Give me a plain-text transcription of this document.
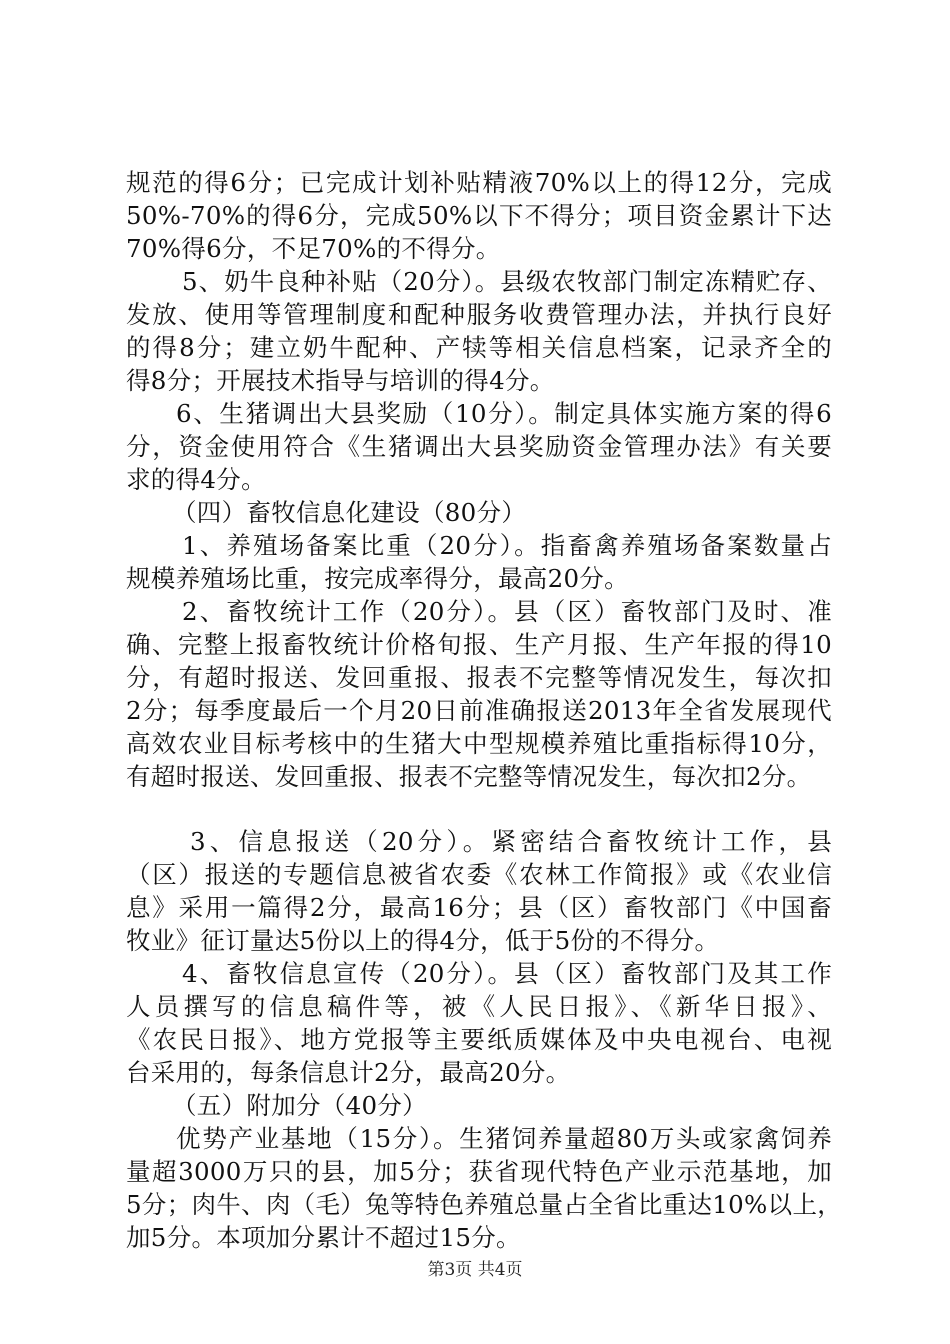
规范的得6分；已完成计划补贴精液70%以上的得12分，完成
50%-70%的得6分，完成50%以下不得分；项目资金累计下达
70%得6分，不足70%的不得分。
5、奶牛良种补贴（20分）。县级农牧部门制定冻精贮存、
发放、使用等管理制度和配种服务收费管理办法，并执行良好
的得8分；建立奶牛配种、产犊等相关信息档案，记录齐全的
得8分；开展技术指导与培训的得4分。
6、生猪调出大县奖励（10分）。制定具体实施方案的得6
分，资金使用符合《生猪调出大县奖励资金管理办法》有关要
求的得4分。
（四）畜牧信息化建设（80分）
1、养殖场备案比重（20分）。指畜禽养殖场备案数量占
规模养殖场比重，按完成率得分，最高20分。
2、畜牧统计工作（20分）。县（区）畜牧部门及时、准
确、完整上报畜牧统计价格旬报、生产月报、生产年报的得10
分，有超时报送、发回重报、报表不完整等情况发生，每次扣
2分；每季度最后一个月20日前准确报送2013年全省发展现代
高效农业目标考核中的生猪大中型规模养殖比重指标得10分，
有超时报送、发回重报、报表不完整等情况发生，每次扣2分。
3、信息报送（20分）。紧密结合畜牧统计工作，县
（区）报送的专题信息被省农委《农林工作简报》或《农业信
息》采用一篇得2分，最高16分；县（区）畜牧部门《中国畜
牧业》征订量达5份以上的得4分，低于5份的不得分。
4、畜牧信息宣传（20分）。县（区）畜牧部门及其工作
人员撰写的信息稿件等，被《人民日报》、《新华日报》、
《农民日报》、地方党报等主要纸质媒体及中央电视台、电视
台采用的，每条信息计2分，最高20分。
（五）附加分（40分）
优势产业基地（15分）。生猪饲养量超80万头或家禽饲养
量超3000万只的县，加5分；获省现代特色产业示范基地，加
5分；肉牛、肉（毛）兔等特色养殖总量占全省比重达10%以上，
加5分。本项加分累计不超过15分。
第3页 共4页
